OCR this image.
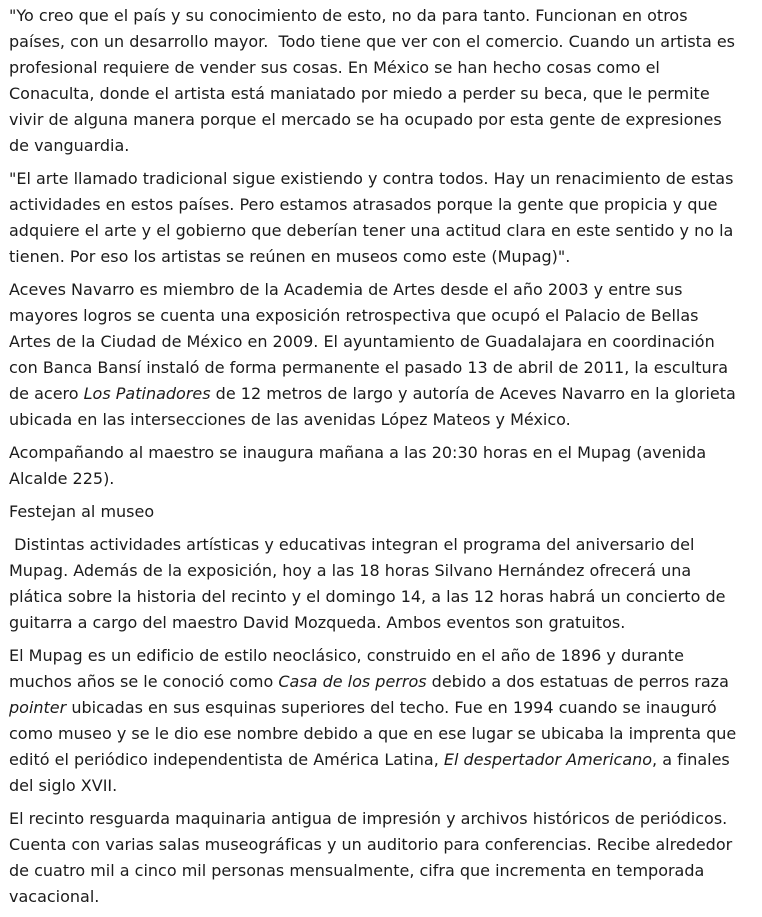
"Yo creo que el país y su conocimiento de esto, no da para tanto. Funcionan en otros países, con un desarrollo mayor.  Todo tiene que ver con el comercio. Cuando un artista es profesional requiere de vender sus cosas. En México se han hecho cosas como el Conaculta, donde el artista está maniatado por miedo a perder su beca, que le permite vivir de alguna manera porque el mercado se ha ocupado por esta gente de expresiones de vanguardia.

"El arte llamado tradicional sigue existiendo y contra todos. Hay un renacimiento de estas actividades en estos países. Pero estamos atrasados porque la gente que propicia y que adquiere el arte y el gobierno que deberían tener una actitud clara en este sentido y no la tienen. Por eso los artistas se reúnen en museos como este (Mupag)".

Aceves Navarro es miembro de la Academia de Artes desde el año 2003 y entre sus mayores logros se cuenta una exposición retrospectiva que ocupó el Palacio de Bellas Artes de la Ciudad de México en 2009. El ayuntamiento de Guadalajara en coordinación con Banca Bansí instaló de forma permanente el pasado 13 de abril de 2011, la escultura de acero Los Patinadores de 12 metros de largo y autoría de Aceves Navarro en la glorieta ubicada en las intersecciones de las avenidas López Mateos y México.

Acompañando al maestro se inaugura mañana a las 20:30 horas en el Mupag (avenida Alcalde 225).

Festejan al museo

Distintas actividades artísticas y educativas integran el programa del aniversario del Mupag. Además de la exposición, hoy a las 18 horas Silvano Hernández ofrecerá una plática sobre la historia del recinto y el domingo 14, a las 12 horas habrá un concierto de guitarra a cargo del maestro David Mozqueda. Ambos eventos son gratuitos.

El Mupag es un edificio de estilo neoclásico, construido en el año de 1896 y durante muchos años se le conoció como Casa de los perros debido a dos estatuas de perros raza pointer ubicadas en sus esquinas superiores del techo. Fue en 1994 cuando se inauguró como museo y se le dio ese nombre debido a que en ese lugar se ubicaba la imprenta que editó el periódico independentista de América Latina, El despertador Americano, a finales del siglo XVII.

El recinto resguarda maquinaria antigua de impresión y archivos históricos de periódicos. Cuenta con varias salas museográficas y un auditorio para conferencias. Recibe alrededor de cuatro mil a cinco mil personas mensualmente, cifra que incrementa en temporada vacacional.
